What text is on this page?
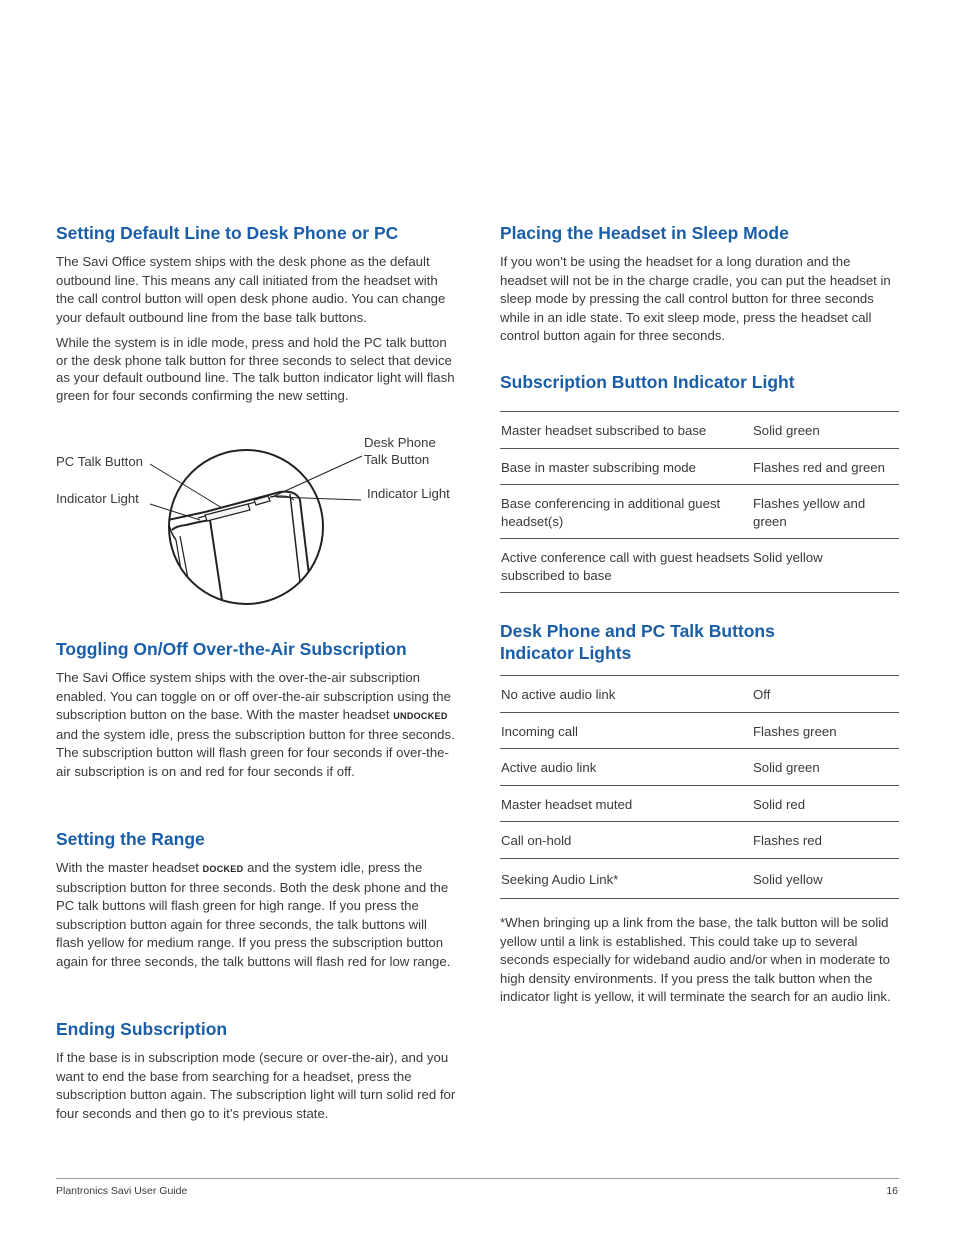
Setting Default Line to Desk Phone or PC

The Savi Office system ships with the desk phone as the default outbound line. This means any call initiated from the headset with the call control button will open desk phone audio. You can change your default outbound line from the base talk buttons.

While the system is in idle mode, press and hold the PC talk button or the desk phone talk button for three seconds to select that device as your default outbound line. The talk button indicator light will flash green for four seconds confirming the new setting.

PC Talk Button
Indicator Light
Desk Phone
Talk Button
Indicator Light
Toggling On/Off Over-the-Air Subscription

The Savi Office system ships with the over-the-air subscription enabled. You can toggle on or off over-the-air subscription using the subscription button on the base. With the master headset UNDOCKED and the system idle, press the subscription button for three seconds. The subscription button will flash green for four seconds if over-the-air subscription is on and red for four seconds if off.

Setting the Range

With the master headset DOCKED and the system idle, press the subscription button for three seconds. Both the desk phone and the PC talk buttons will flash green for high range. If you press the subscription button again for three seconds, the talk buttons will flash yellow for medium range. If you press the subscription button again for three seconds, the talk buttons will flash red for low range.

Ending Subscription

If the base is in subscription mode (secure or over-the-air), and you want to end the base from searching for a headset, press the subscription button again. The subscription light will turn solid red for four seconds and then go to it’s previous state.

Placing the Headset in Sleep Mode

If you won’t be using the headset for a long duration and the headset will not be in the charge cradle, you can put the headset in sleep mode by pressing the call control button for three seconds while in an idle state. To exit sleep mode, press the headset call control button again for three seconds.

Subscription Button Indicator Light
Master headset subscribed to base	Solid green
Base in master subscribing mode	Flashes red and green
Base conferencing in additional guest headset(s)	Flashes yellow and green
Active conference call with guest headsets subscribed to base	Solid yellow
Desk Phone and PC Talk Buttons
Indicator Lights
No active audio link	Off
Incoming call	Flashes green
Active audio link	Solid green
Master headset muted	Solid red
Call on-hold	Flashes red
Seeking Audio Link*	Solid yellow

*When bringing up a link from the base, the talk button will be solid yellow until a link is established. This could take up to several seconds especially for wideband audio and/or when in moderate to high density environments. If you press the talk button when the indicator light is yellow, it will terminate the search for an audio link.

Plantronics Savi User Guide	16
